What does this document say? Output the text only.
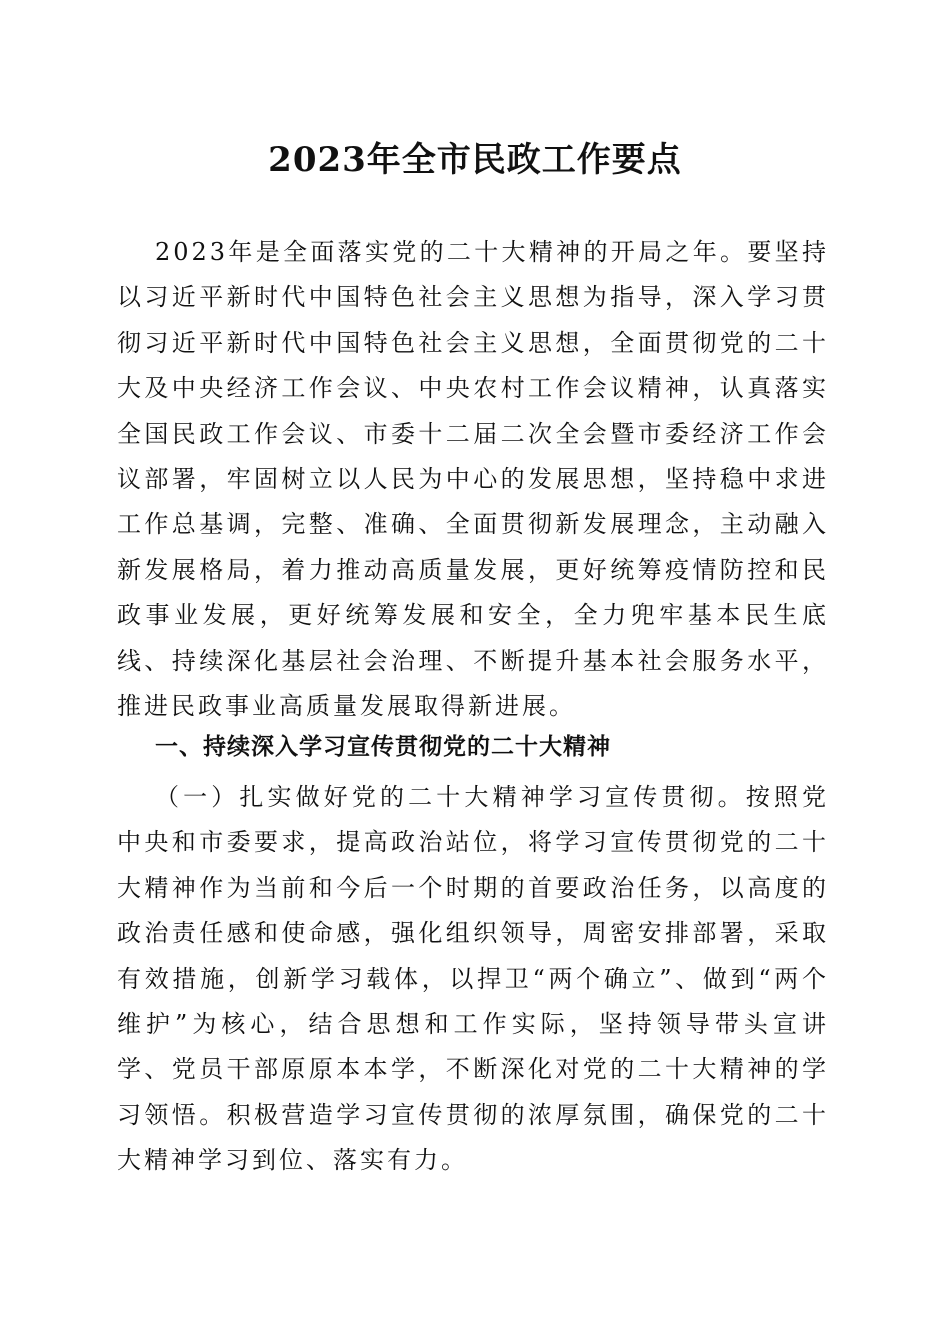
2023年全市民政工作要点

2023年是全面落实党的二十大精神的开局之年。要坚持以习近平新时代中国特色社会主义思想为指导，深入学习贯彻习近平新时代中国特色社会主义思想，全面贯彻党的二十大及中央经济工作会议、中央农村工作会议精神，认真落实全国民政工作会议、市委十二届二次全会暨市委经济工作会议部署，牢固树立以人民为中心的发展思想，坚持稳中求进工作总基调，完整、准确、全面贯彻新发展理念，主动融入新发展格局，着力推动高质量发展，更好统筹疫情防控和民政事业发展，更好统筹发展和安全，全力兜牢基本民生底线、持续深化基层社会治理、不断提升基本社会服务水平，推进民政事业高质量发展取得新进展。

一、持续深入学习宣传贯彻党的二十大精神

（一）扎实做好党的二十大精神学习宣传贯彻。按照党中央和市委要求，提高政治站位，将学习宣传贯彻党的二十大精神作为当前和今后一个时期的首要政治任务，以高度的政治责任感和使命感，强化组织领导，周密安排部署，采取有效措施，创新学习载体，以捍卫“两个确立”、做到“两个维护”为核心，结合思想和工作实际，坚持领导带头宣讲学、党员干部原原本本学，不断深化对党的二十大精神的学习领悟。积极营造学习宣传贯彻的浓厚氛围，确保党的二十大精神学习到位、落实有力。
